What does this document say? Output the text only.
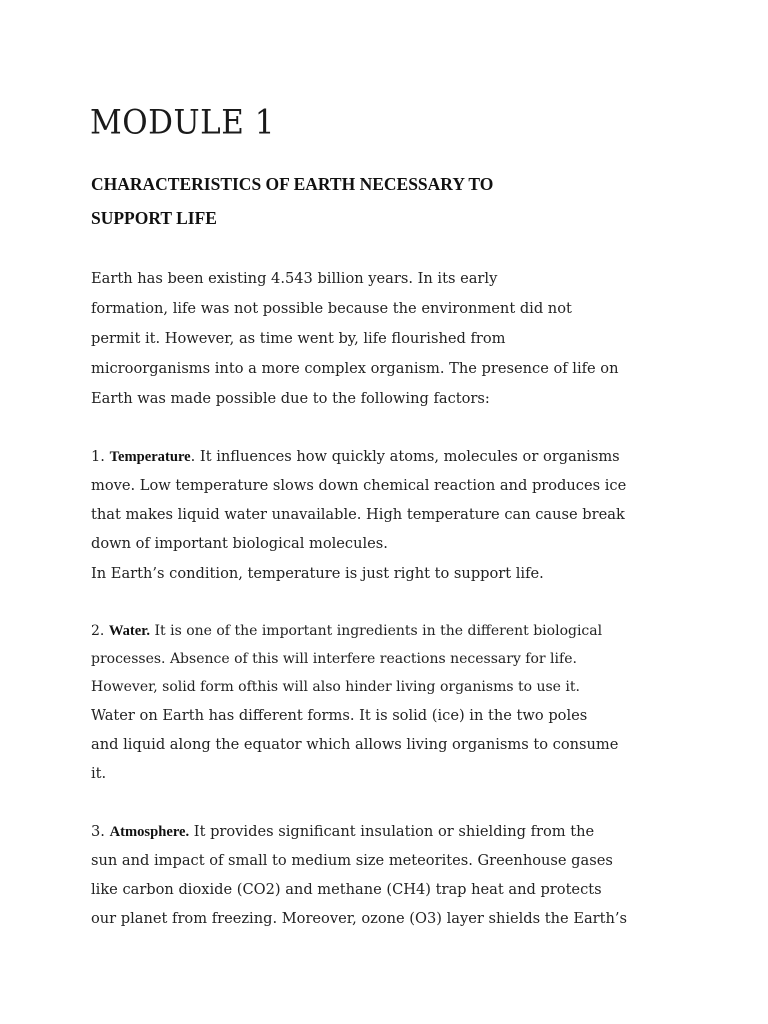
MODULE 1
CHARACTERISTICS OF EARTH NECESSARY TO
SUPPORT LIFE

Earth has been existing 4.543 billion years. In its early

formation, life was not possible because the environment did not

permit it. However, as time went by, life flourished from

microorganisms into a more complex organism. The presence of life on

Earth was made possible due to the following factors:

1. Temperature. It influences how quickly atoms, molecules or organisms

move. Low temperature slows down chemical reaction and produces ice

that makes liquid water unavailable. High temperature can cause break

down of important biological molecules.

In Earth’s condition, temperature is just right to support life.

2. Water. It is one of the important ingredients in the different biological

processes. Absence of this will interfere reactions necessary for life.

However, solid form ofthis will also hinder living organisms to use it.

Water on Earth has different forms. It is solid (ice) in the two poles

and liquid along the equator which allows living organisms to consume

it.

3. Atmosphere. It provides significant insulation or shielding from the

sun and impact of small to medium size meteorites. Greenhouse gases

like carbon dioxide (CO2) and methane (CH4) trap heat and protects

our planet from freezing. Moreover, ozone (O3) layer shields the Earth’s
